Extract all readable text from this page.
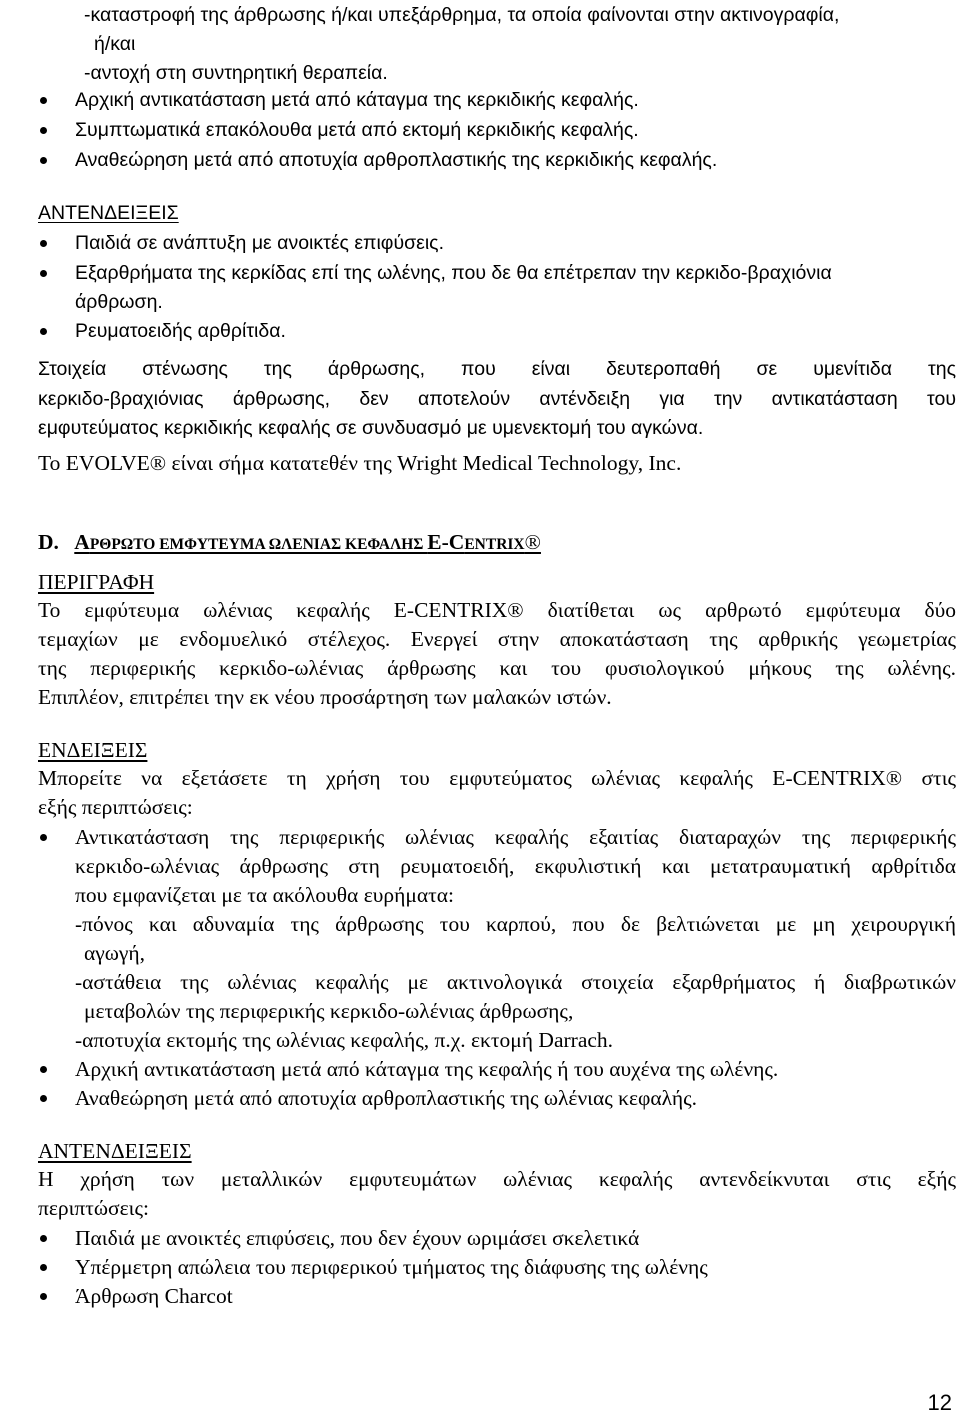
-καταστροφή της άρθρωσης ή/και υπεξάρθρημα, τα οποία φαίνονται στην ακτινογραφία,
ή/και
-αντοχή στη συντηρητική θεραπεία.
Αρχική αντικατάσταση μετά από κάταγμα της κερκιδικής κεφαλής.
Συμπτωματικά επακόλουθα μετά από εκτομή κερκιδικής κεφαλής.
Αναθεώρηση μετά από αποτυχία αρθροπλαστικής της κερκιδικής κεφαλής.
ΑΝΤΕΝΔΕΙΞΕΙΣ
Παιδιά σε ανάπτυξη με ανοικτές επιφύσεις.
Εξαρθρήματα της κερκίδας επί της ωλένης, που δε θα επέτρεπαν την κερκιδο-βραχιόνια
άρθρωση.
Ρευματοειδής αρθρίτιδα.
Στοιχεία στένωσης της άρθρωσης, που είναι δευτεροπαθή σε υμενίτιδα της
κερκιδο-βραχιόνιας άρθρωσης, δεν αποτελούν αντένδειξη για την αντικατάσταση του
εμφυτεύματος κερκιδικής κεφαλής σε συνδυασμό με υμενεκτομή του αγκώνα.
Το EVOLVE® είναι σήμα κατατεθέν της Wright Medical Technology, Inc.
D. ΑΡΘΡΩΤΟ ΕΜΦΥΤΕΥΜΑ ΩΛΕΝΙΑΣ ΚΕΦΑΛΗΣ E-CENTRIX®
ΠΕΡΙΓΡΑΦΗ
Το εμφύτευμα ωλένιας κεφαλής E-CENTRIX® διατίθεται ως αρθρωτό εμφύτευμα δύο
τεμαχίων με ενδομυελικό στέλεχος. Ενεργεί στην αποκατάσταση της αρθρικής γεωμετρίας
της περιφερικής κερκιδο-ωλένιας άρθρωσης και του φυσιολογικού μήκους της ωλένης.
Επιπλέον, επιτρέπει την εκ νέου προσάρτηση των μαλακών ιστών.
ΕΝΔΕΙΞΕΙΣ
Μπορείτε να εξετάσετε τη χρήση του εμφυτεύματος ωλένιας κεφαλής E-CENTRIX® στις
εξής περιπτώσεις:
Αντικατάσταση της περιφερικής ωλένιας κεφαλής εξαιτίας διαταραχών της περιφερικής
κερκιδο-ωλένιας άρθρωσης στη ρευματοειδή, εκφυλιστική και μετατραυματική αρθρίτιδα
που εμφανίζεται με τα ακόλουθα ευρήματα:
-πόνος και αδυναμία της άρθρωσης του καρπού, που δε βελτιώνεται με μη χειρουργική
αγωγή,
-αστάθεια της ωλένιας κεφαλής με ακτινολογικά στοιχεία εξαρθρήματος ή διαβρωτικών
μεταβολών της περιφερικής κερκιδο-ωλένιας άρθρωσης,
-αποτυχία εκτομής της ωλένιας κεφαλής, π.χ. εκτομή Darrach.
Αρχική αντικατάσταση μετά από κάταγμα της κεφαλής ή του αυχένα της ωλένης.
Αναθεώρηση μετά από αποτυχία αρθροπλαστικής της ωλένιας κεφαλής.
ΑΝΤΕΝΔΕΙΞΕΙΣ
Η χρήση των μεταλλικών εμφυτευμάτων ωλένιας κεφαλής αντενδείκνυται στις εξής
περιπτώσεις:
Παιδιά με ανοικτές επιφύσεις, που δεν έχουν ωριμάσει σκελετικά
Υπέρμετρη απώλεια του περιφερικού τμήματος της διάφυσης της ωλένης
Άρθρωση Charcot
12
